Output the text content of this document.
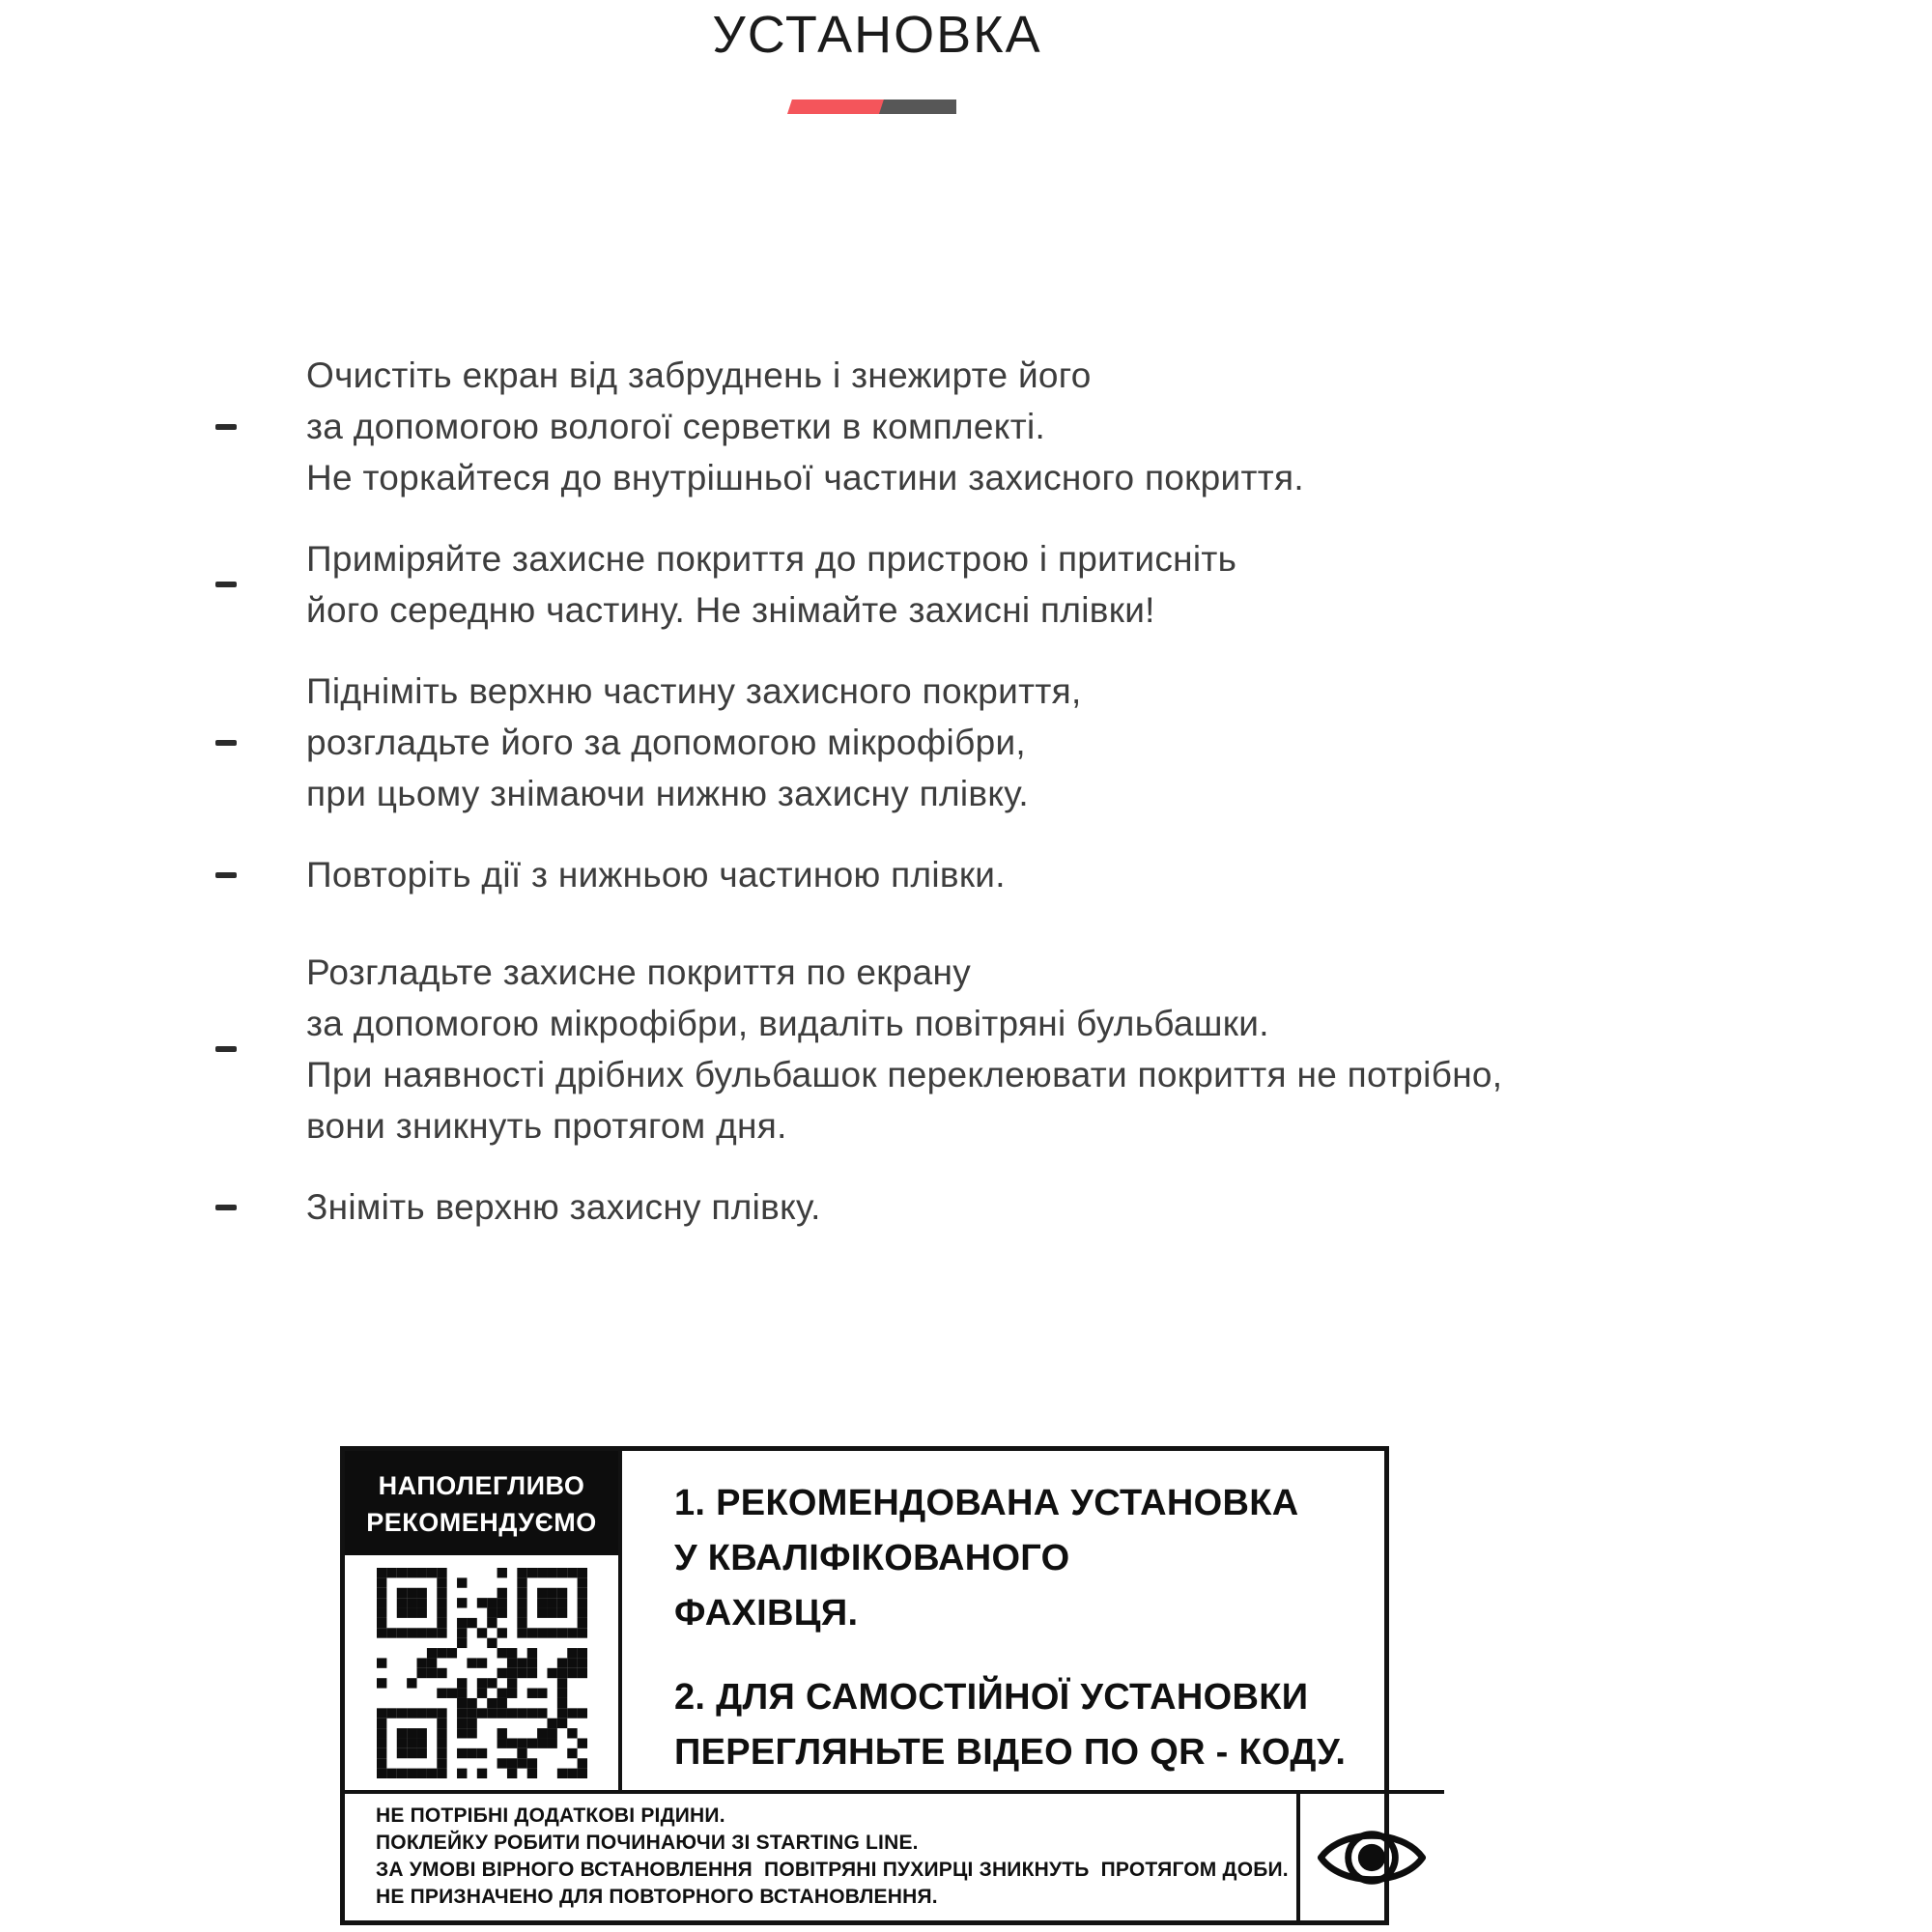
УСТАНОВКА
Очистіть екран від забруднень і знежирте його
за допомогою вологої серветки в комплекті.
Не торкайтеся до внутрішньої частини захисного покриття.
Приміряйте захисне покриття до пристрою і притисніть
його середню частину. Не знімайте захисні плівки!
Підніміть верхню частину захисного покриття,
розгладьте його за допомогою мікрофібри,
при цьому знімаючи нижню захисну плівку.
Повторіть дії з нижньою частиною плівки.
Розгладьте захисне покриття по екрану
за допомогою мікрофібри, видаліть повітряні бульбашки.
При наявності дрібних бульбашок переклеювати покриття не потрібно,
вони зникнуть протягом дня.
Зніміть верхню захисну плівку.
НАПОЛЕГЛИВО
РЕКОМЕНДУЄМО	1. РЕКОМЕНДОВАНА УСТАНОВКА
У КВАЛІФІКОВАНОГО
ФАХІВЦЯ.
2. ДЛЯ САМОСТІЙНОЇ УСТАНОВКИ
ПЕРЕГЛЯНЬТЕ ВІДЕО ПО QR - КОДУ.
НЕ ПОТРІБНІ ДОДАТКОВІ РІДИНИ.
ПОКЛЕЙКУ РОБИТИ ПОЧИНАЮЧИ ЗІ STARTING LINE.
ЗА УМОВІ ВІРНОГО ВСТАНОВЛЕННЯ  ПОВІТРЯНІ ПУХИРЦІ ЗНИКНУТЬ  ПРОТЯГОМ ДОБИ.
НЕ ПРИЗНАЧЕНО ДЛЯ ПОВТОРНОГО ВСТАНОВЛЕННЯ.
